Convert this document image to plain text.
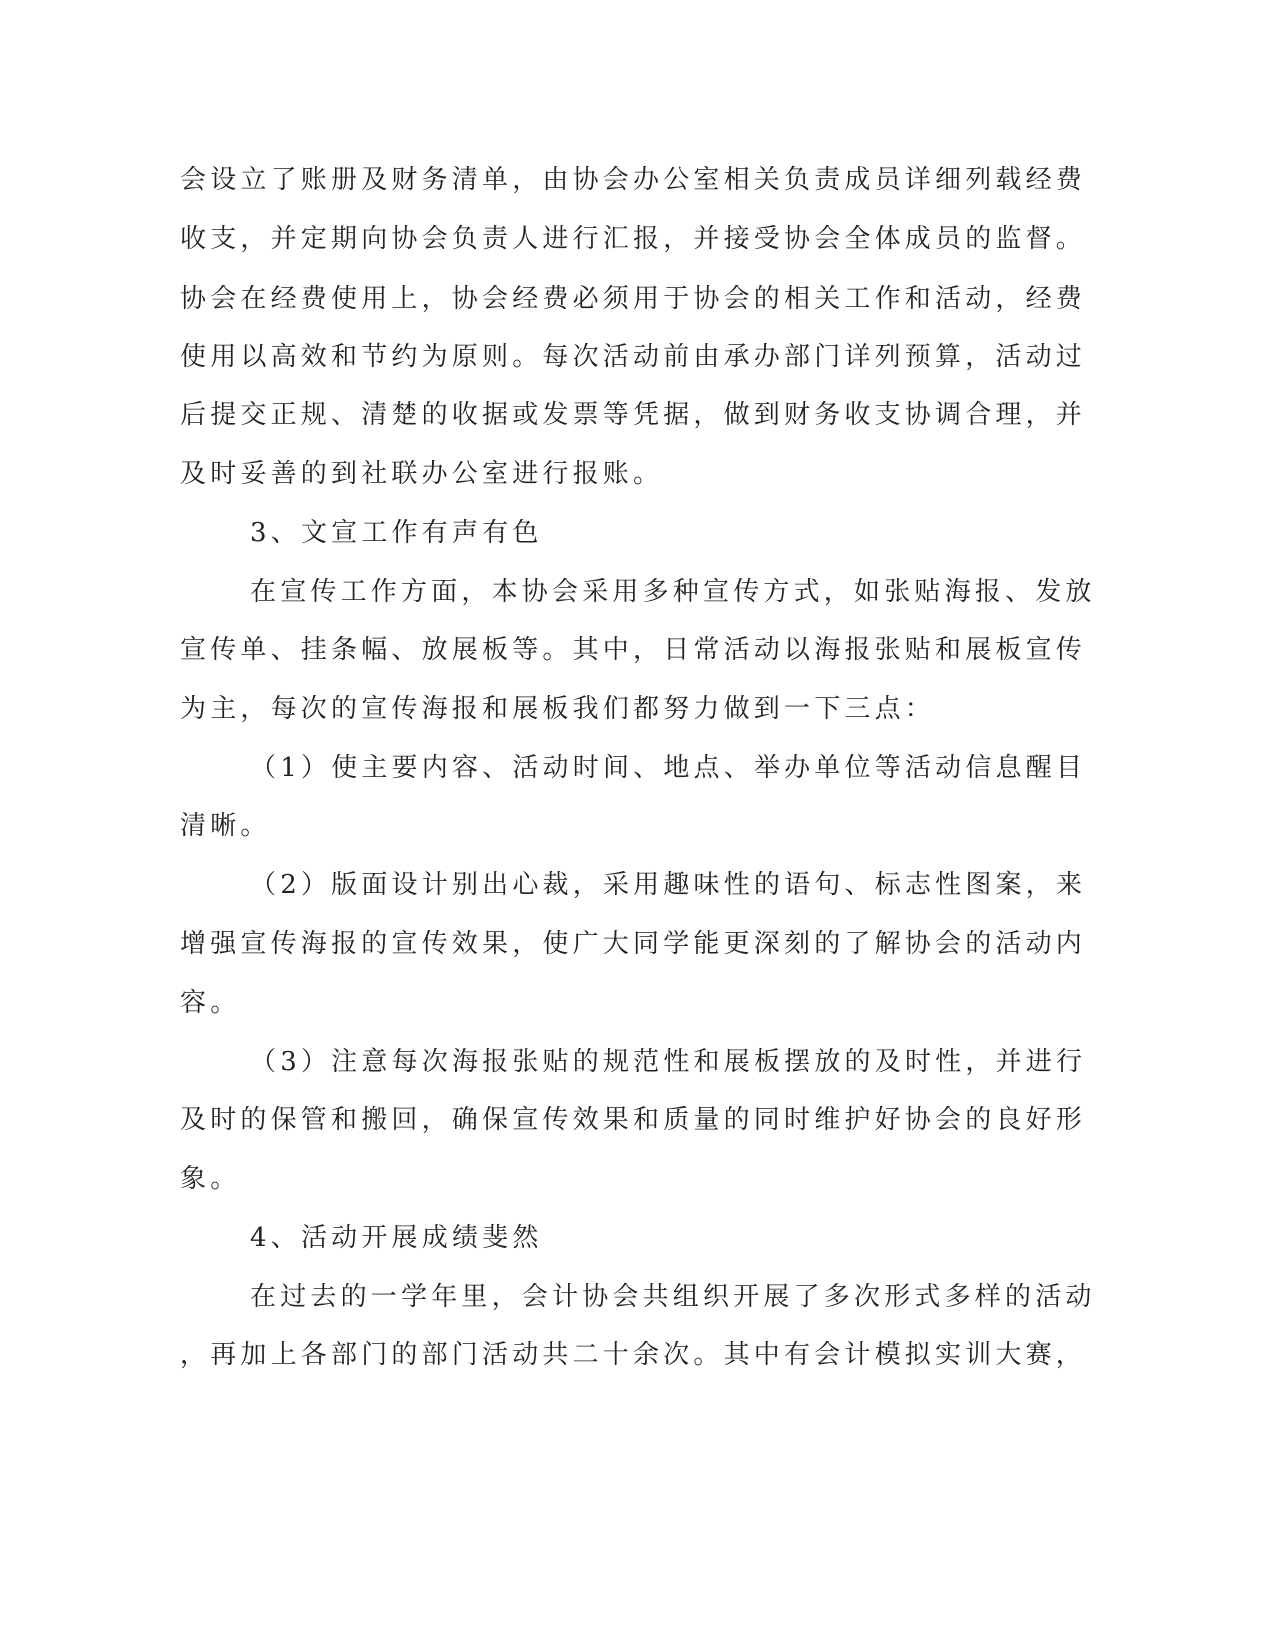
会设立了账册及财务清单，由协会办公室相关负责成员详细列载经费

收支，并定期向协会负责人进行汇报，并接受协会全体成员的监督。

协会在经费使用上，协会经费必须用于协会的相关工作和活动，经费

使用以高效和节约为原则。每次活动前由承办部门详列预算，活动过

后提交正规、清楚的收据或发票等凭据，做到财务收支协调合理，并

及时妥善的到社联办公室进行报账。

3、文宣工作有声有色

在宣传工作方面，本协会采用多种宣传方式，如张贴海报、发放

宣传单、挂条幅、放展板等。其中，日常活动以海报张贴和展板宣传

为主，每次的宣传海报和展板我们都努力做到一下三点：

（1）使主要内容、活动时间、地点、举办单位等活动信息醒目

清晰。

（2）版面设计别出心裁，采用趣味性的语句、标志性图案，来

增强宣传海报的宣传效果，使广大同学能更深刻的了解协会的活动内

容。

（3）注意每次海报张贴的规范性和展板摆放的及时性，并进行

及时的保管和搬回，确保宣传效果和质量的同时维护好协会的良好形

象。

4、活动开展成绩斐然

在过去的一学年里，会计协会共组织开展了多次形式多样的活动

，再加上各部门的部门活动共二十余次。其中有会计模拟实训大赛，
